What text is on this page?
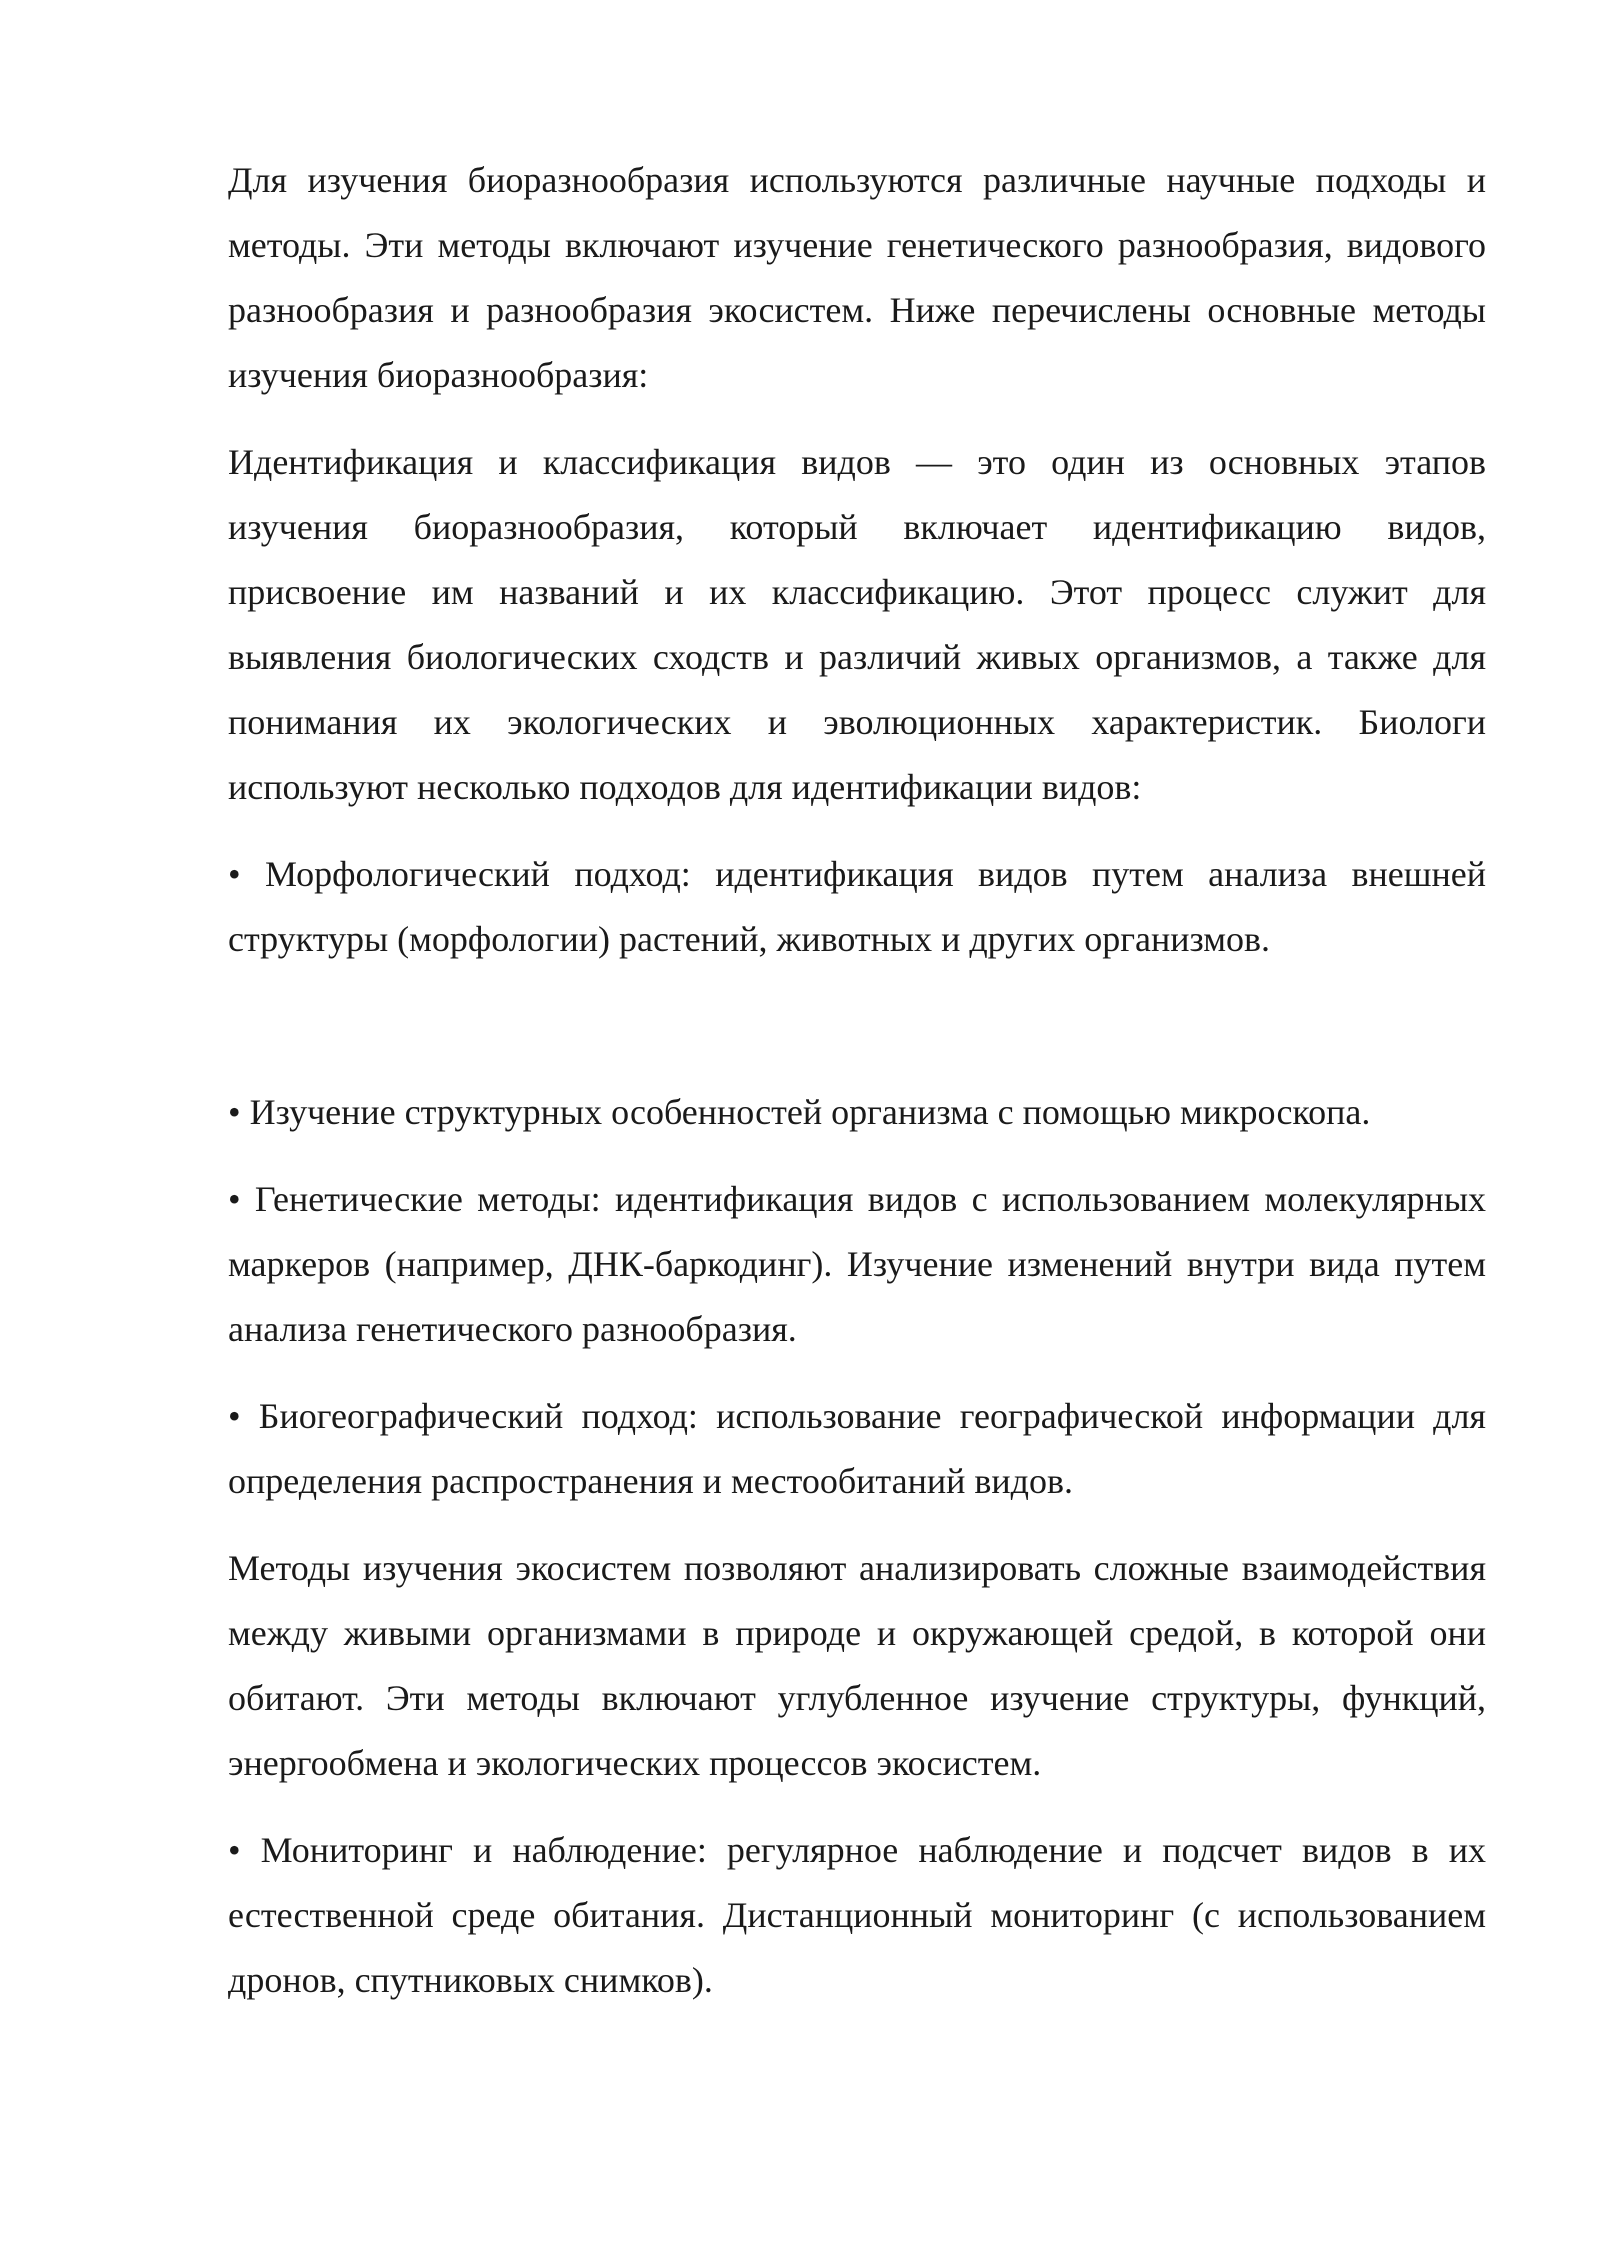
Для изучения биоразнообразия используются различные научные подходы и методы. Эти методы включают изучение генетического разнообразия, видового разнообразия и разнообразия экосистем. Ниже перечислены основные методы изучения биоразнообразия:

Идентификация и классификация видов — это один из основных этапов изучения биоразнообразия, который включает идентификацию видов, присвоение им названий и их классификацию. Этот процесс служит для выявления биологических сходств и различий живых организмов, а также для понимания их экологических и эволюционных характеристик. Биологи используют несколько подходов для идентификации видов:

• Морфологический подход: идентификация видов путем анализа внешней структуры (морфологии) растений, животных и других организмов.

• Изучение структурных особенностей организма с помощью микроскопа.

• Генетические методы: идентификация видов с использованием молекулярных маркеров (например, ДНК-баркодинг). Изучение изменений внутри вида путем анализа генетического разнообразия.

• Биогеографический подход: использование географической информации для определения распространения и местообитаний видов.

Методы изучения экосистем позволяют анализировать сложные взаимодействия между живыми организмами в природе и окружающей средой, в которой они обитают. Эти методы включают углубленное изучение структуры, функций, энергообмена и экологических процессов экосистем.

• Мониторинг и наблюдение: регулярное наблюдение и подсчет видов в их естественной среде обитания. Дистанционный мониторинг (с использованием дронов, спутниковых снимков).
